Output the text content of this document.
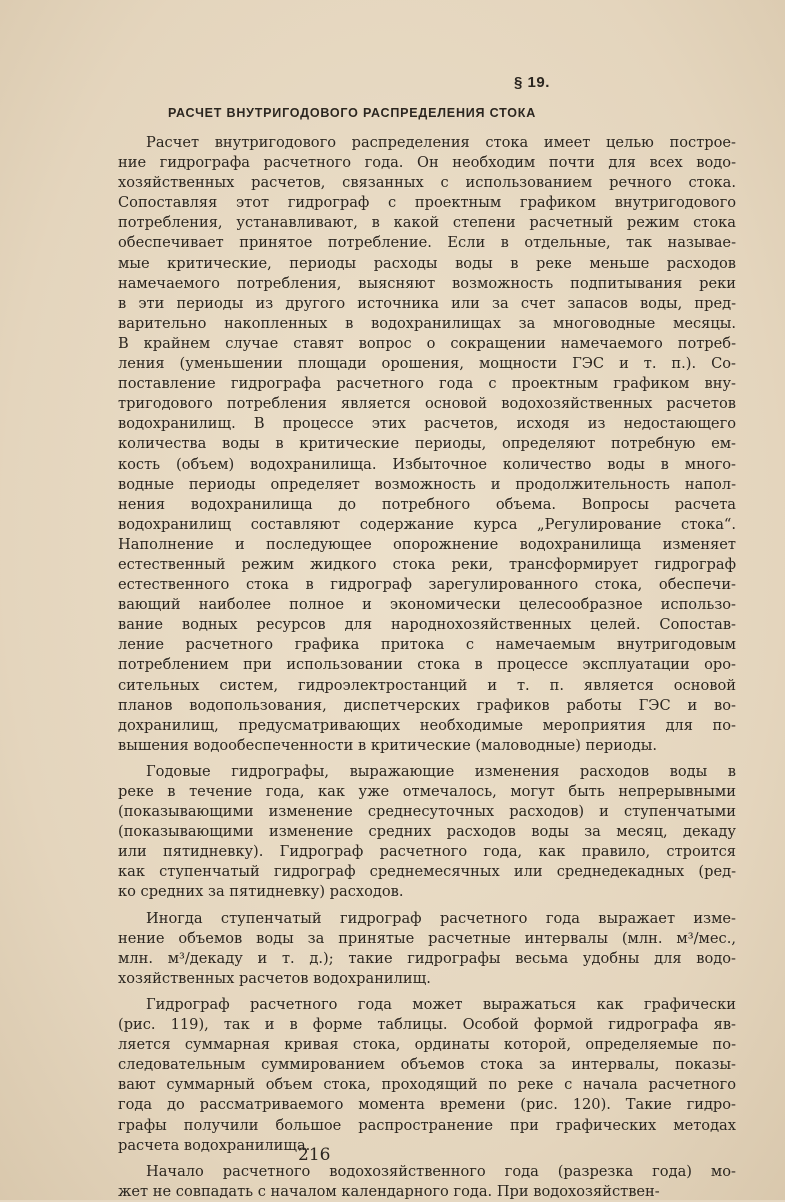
§ 19.
РАСЧЕТ ВНУТРИГОДОВОГО РАСПРЕДЕЛЕНИЯ СТОКА
Расчет внутригодового распределения стока имеет целью построе-
ние гидрографа расчетного года. Он необходим почти для всех водо-
хозяйственных расчетов, связанных с использованием речного стока.
Сопоставляя этот гидрограф с проектным графиком внутригодового
потребления, устанавливают, в какой степени расчетный режим стока
обеспечивает принятое потребление. Если в отдельные, так называе-
мые критические, периоды расходы воды в реке меньше расходов
намечаемого потребления, выясняют возможность подпитывания реки
в эти периоды из другого источника или за счет запасов воды, пред-
варительно накопленных в водохранилищах за многоводные месяцы.
В крайнем случае ставят вопрос о сокращении намечаемого потреб-
ления (уменьшении площади орошения, мощности ГЭС и т. п.). Со-
поставление гидрографа расчетного года с проектным графиком вну-
тригодового потребления является основой водохозяйственных расчетов
водохранилищ. В процессе этих расчетов, исходя из недостающего
количества воды в критические периоды, определяют потребную ем-
кость (объем) водохранилища. Избыточное количество воды в много-
водные периоды определяет возможность и продолжительность напол-
нения водохранилища до потребного объема. Вопросы расчета
водохранилищ составляют содержание курса „Регулирование стока“.
Наполнение и последующее опорожнение водохранилища изменяет
естественный режим жидкого стока реки, трансформирует гидрограф
естественного стока в гидрограф зарегулированного стока, обеспечи-
вающий наиболее полное и экономически целесообразное использо-
вание водных ресурсов для народнохозяйственных целей. Сопостав-
ление расчетного графика притока с намечаемым внутригодовым
потреблением при использовании стока в процессе эксплуатации оро-
сительных систем, гидроэлектростанций и т. п. является основой
планов водопользования, диспетчерских графиков работы ГЭС и во-
дохранилищ, предусматривающих необходимые мероприятия для по-
вышения водообеспеченности в критические (маловодные) периоды.
Годовые гидрографы, выражающие изменения расходов воды в
реке в течение года, как уже отмечалось, могут быть непрерывными
(показывающими изменение среднесуточных расходов) и ступенчатыми
(показывающими изменение средних расходов воды за месяц, декаду
или пятидневку). Гидрограф расчетного года, как правило, строится
как ступенчатый гидрограф среднемесячных или среднедекадных (ред-
ко средних за пятидневку) расходов.
Иногда ступенчатый гидрограф расчетного года выражает изме-
нение объемов воды за принятые расчетные интервалы (млн. м³/мес.,
млн. м³/декаду и т. д.); такие гидрографы весьма удобны для водо-
хозяйственных расчетов водохранилищ.
Гидрограф расчетного года может выражаться как графически
(рис. 119), так и в форме таблицы. Особой формой гидрографа яв-
ляется суммарная кривая стока, ординаты которой, определяемые по-
следовательным суммированием объемов стока за интервалы, показы-
вают суммарный объем стока, проходящий по реке с начала расчетного
года до рассматриваемого момента времени (рис. 120). Такие гидро-
графы получили большое распространение при графических методах
расчета водохранилища.
Начало расчетного водохозяйственного года (разрезка года) мо-
жет не совпадать с началом календарного года. При водохозяйствен-
216
